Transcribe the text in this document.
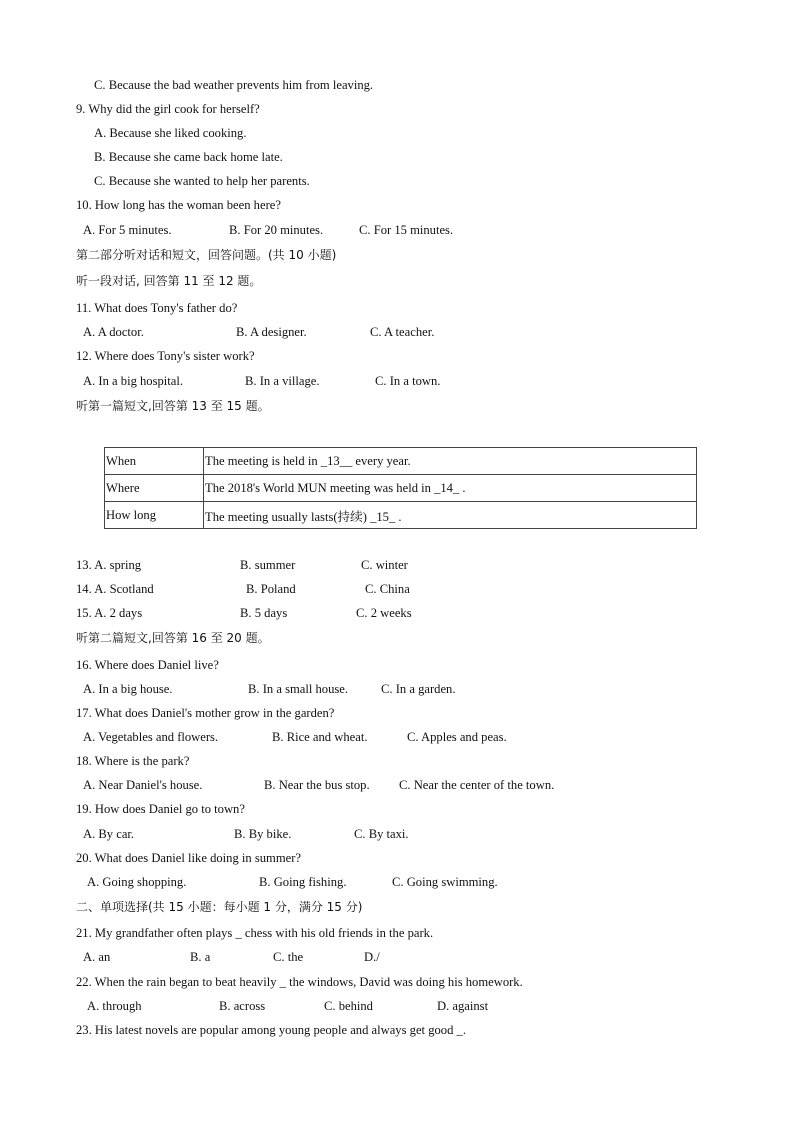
C. Because the bad weather prevents him from leaving.
9. Why did the girl cook for herself?
A. Because she liked cooking.
B. Because she came back home late.
C. Because she wanted to help her parents.
10. How long has the woman been here?
A. For 5 minutes.	B. For 20 minutes.	C. For 15 minutes.
第二部分听对话和短文，回答问题。(共 10 小题)
听一段对话, 回答第 11 至 12 题。
11. What does Tony's father do?
A. A doctor.	B. A designer.	C. A teacher.
12. Where does Tony's sister work?
A. In a big hospital.	B. In a village.	C. In a town.
听第一篇短文,回答第 13 至 15 题。
13. A. spring	B. summer	C. winter
14. A. Scotland	B. Poland	C. China
15. A. 2 days	B. 5 days	C. 2 weeks
听第二篇短文,回答第 16 至 20 题。
16. Where does Daniel live?
A. In a big house.	B. In a small house.	C. In a garden.
17. What does Daniel's mother grow in the garden?
A. Vegetables and flowers.	B. Rice and wheat.	C. Apples and peas.
18. Where is the park?
A. Near Daniel's house.	B. Near the bus stop. C. Near the center of the town.
19. How does Daniel go to town?
A. By car.	B. By bike.	C. By taxi.
20. What does Daniel like doing in summer?
A. Going shopping.	B. Going fishing.	C. Going swimming.
二、单项选择(共 15 小题：每小题 1 分，满分 15 分)
21. My grandfather often plays _ chess with his old friends in the park.
A. an	B. a	C. the	D./
22. When the rain began to beat heavily _ the windows, David was doing his homework.
A. through	B. across	C. behind	D. against
23. His latest novels are popular among young people and always get good _.
When	The meeting is held in _13__ every year.
Where	The 2018's World MUN meeting was held in _14_ .
How long	The meeting usually lasts(持续) _15_ .
